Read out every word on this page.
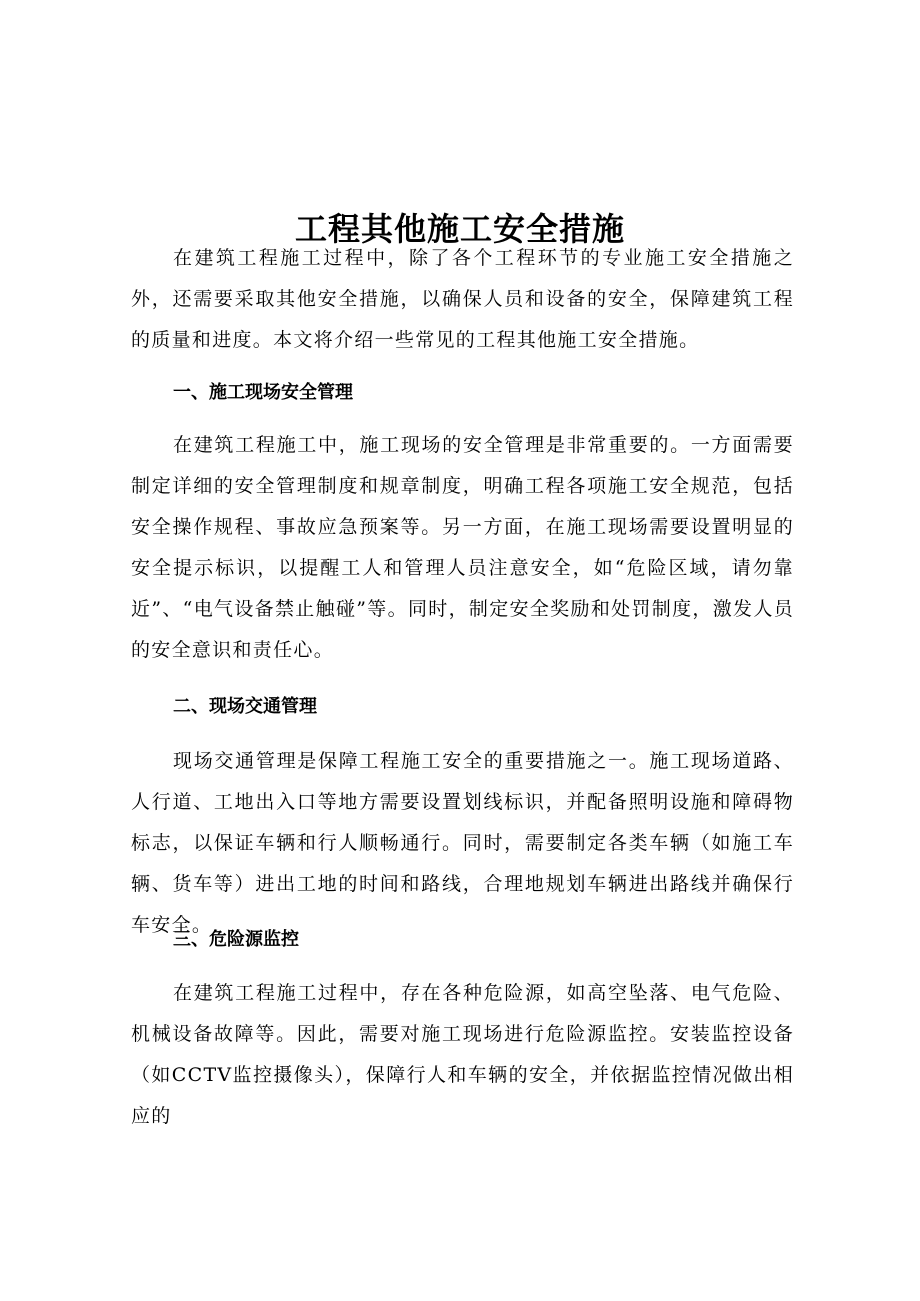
工程其他施工安全措施

在建筑工程施工过程中，除了各个工程环节的专业施工安全措施之外，还需要采取其他安全措施，以确保人员和设备的安全，保障建筑工程的质量和进度。本文将介绍一些常见的工程其他施工安全措施。

一、施工现场安全管理

在建筑工程施工中，施工现场的安全管理是非常重要的。一方面需要制定详细的安全管理制度和规章制度，明确工程各项施工安全规范，包括安全操作规程、事故应急预案等。另一方面，在施工现场需要设置明显的安全提示标识，以提醒工人和管理人员注意安全，如“危险区域，请勿靠近”、“电气设备禁止触碰”等。同时，制定安全奖励和处罚制度，激发人员的安全意识和责任心。

二、现场交通管理

现场交通管理是保障工程施工安全的重要措施之一。施工现场道路、人行道、工地出入口等地方需要设置划线标识，并配备照明设施和障碍物标志，以保证车辆和行人顺畅通行。同时，需要制定各类车辆（如施工车辆、货车等）进出工地的时间和路线，合理地规划车辆进出路线并确保行车安全。

三、危险源监控

在建筑工程施工过程中，存在各种危险源，如高空坠落、电气危险、机械设备故障等。因此，需要对施工现场进行危险源监控。安装监控设备（如CCTV监控摄像头），保障行人和车辆的安全，并依据监控情况做出相应的
